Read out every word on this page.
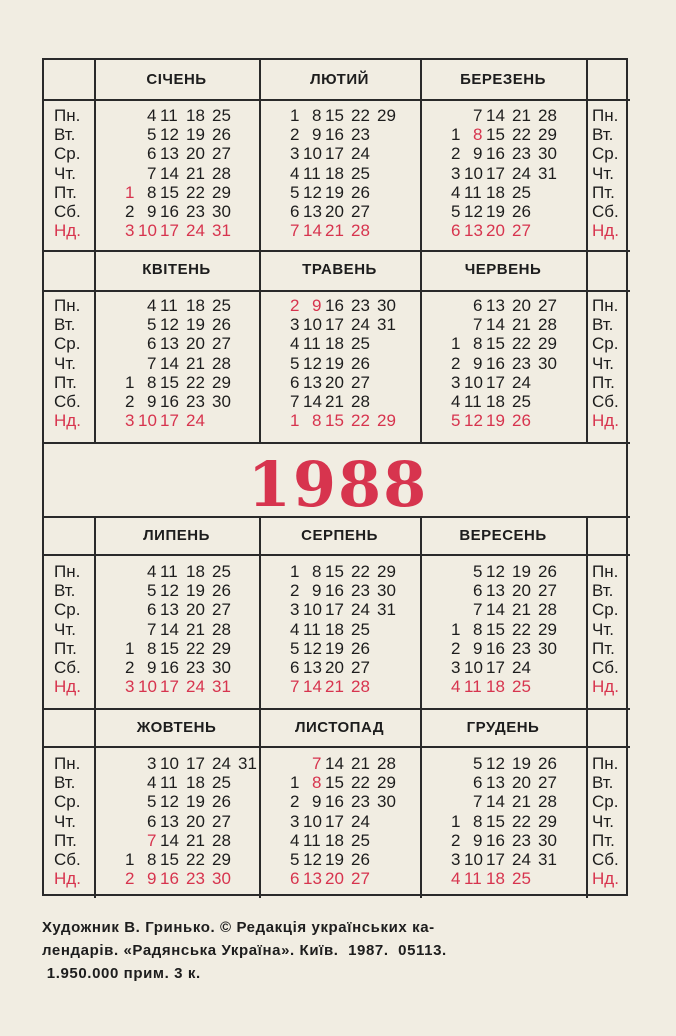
СІЧЕНЬ
4 11 18 25
5 12 19 26
6 13 20 27
7 14 21 28
1 8 15 22 29
2 9 16 23 30
3 10 17 24 31
ЛЮТИЙ
1 8 15 22 29
2 9 16 23
3 10 17 24
4 11 18 25
5 12 19 26
6 13 20 27
7 14 21 28
БЕРЕЗЕНЬ
7 14 21 28
1 8 15 22 29
2 9 16 23 30
3 10 17 24 31
4 11 18 25
5 12 19 26
6 13 20 27
КВІТЕНЬ
4 11 18 25
5 12 19 26
6 13 20 27
7 14 21 28
1 8 15 22 29
2 9 16 23 30
3 10 17 24
ТРАВЕНЬ
2 9 16 23 30
3 10 17 24 31
4 11 18 25
5 12 19 26
6 13 20 27
7 14 21 28
1 8 15 22 29
ЧЕРВЕНЬ
6 13 20 27
7 14 21 28
1 8 15 22 29
2 9 16 23 30
3 10 17 24
4 11 18 25
5 12 19 26
ЛИПЕНЬ
4 11 18 25
5 12 19 26
6 13 20 27
7 14 21 28
1 8 15 22 29
2 9 16 23 30
3 10 17 24 31
СЕРПЕНЬ
1 8 15 22 29
2 9 16 23 30
3 10 17 24 31
4 11 18 25
5 12 19 26
6 13 20 27
7 14 21 28
ВЕРЕСЕНЬ
5 12 19 26
6 13 20 27
7 14 21 28
1 8 15 22 29
2 9 16 23 30
3 10 17 24
4 11 18 25
ЖОВТЕНЬ
3 10 17 24 31
4 11 18 25
5 12 19 26
6 13 20 27
7 14 21 28
1 8 15 22 29
2 9 16 23 30
ЛИСТОПАД
7 14 21 28
1 8 15 22 29
2 9 16 23 30
3 10 17 24
4 11 18 25
5 12 19 26
6 13 20 27
ГРУДЕНЬ
5 12 19 26
6 13 20 27
7 14 21 28
1 8 15 22 29
2 9 16 23 30
3 10 17 24 31
4 11 18 25
Пн.
Вт.
Ср.
Чт.
Пт.
Сб.
Нд.
Пн.
Вт.
Ср.
Чт.
Пт.
Сб.
Нд.
Пн.
Вт.
Ср.
Чт.
Пт.
Сб.
Нд.
Пн.
Вт.
Ср.
Чт.
Пт.
Сб.
Нд.
Пн.
Вт.
Ср.
Чт.
Пт.
Сб.
Нд.
Пн.
Вт.
Ср.
Чт.
Пт.
Сб.
Нд.
Пн.
Вт.
Ср.
Чт.
Пт.
Сб.
Нд.
Пн.
Вт.
Ср.
Чт.
Пт.
Сб.
Нд.
1988
Художник В. Гринько. © Редакція українських ка-
лендарів. «Радянська Україна». Київ.  1987.  05113.
1.950.000 прим. 3 к.
